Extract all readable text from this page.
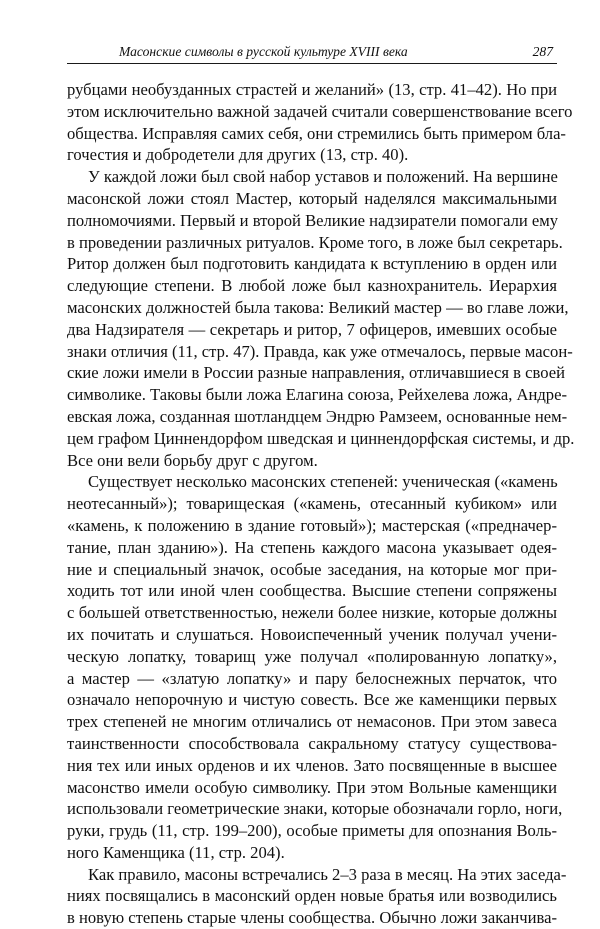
Масонские символы в русской культуре XVIII века	287
рубцами необузданных страстей и желаний» (13, стр. 41–42). Но при
этом исключительно важной задачей считали совершенствование всего
общества. Исправляя самих себя, они стремились быть примером бла-
гочестия и добродетели для других (13, стр. 40).
У каждой ложи был свой набор уставов и положений. На вершине
масонской ложи стоял Мастер, который наделялся максимальными
полномочиями. Первый и второй Великие надзиратели помогали ему
в проведении различных ритуалов. Кроме того, в ложе был секретарь.
Ритор должен был подготовить кандидата к вступлению в орден или
следующие степени. В любой ложе был казнохранитель. Иерархия
масонских должностей была такова: Великий мастер — во главе ложи,
два Надзирателя — секретарь и ритор, 7 офицеров, имевших особые
знаки отличия (11, стр. 47). Правда, как уже отмечалось, первые масон-
ские ложи имели в России разные направления, отличавшиеся в своей
символике. Таковы были ложа Елагина союза, Рейхелева ложа, Андре-
евская ложа, созданная шотландцем Эндрю Рамзеем, основанные нем-
цем графом Циннендорфом шведская и циннендорфская системы, и др.
Все они вели борьбу друг с другом.
Существует несколько масонских степеней: ученическая («камень
неотесанный»); товарищеская («камень, отесанный кубиком» или
«камень, к положению в здание готовый»); мастерская («предначер-
тание, план зданию»). На степень каждого масона указывает одея-
ние и специальный значок, особые заседания, на которые мог при-
ходить тот или иной член сообщества. Высшие степени сопряжены
с большей ответственностью, нежели более низкие, которые должны
их почитать и слушаться. Новоиспеченный ученик получал учени-
ческую лопатку, товарищ уже получал «полированную лопатку»,
а мастер — «златую лопатку» и пару белоснежных перчаток, что
означало непорочную и чистую совесть. Все же каменщики первых
трех степеней не многим отличались от немасонов. При этом завеса
таинственности способствовала сакральному статусу существова-
ния тех или иных орденов и их членов. Зато посвященные в высшее
масонство имели особую символику. При этом Вольные каменщики
использовали геометрические знаки, которые обозначали горло, ноги,
руки, грудь (11, стр. 199–200), особые приметы для опознания Воль-
ного Каменщика (11, стр. 204).
Как правило, масоны встречались 2–3 раза в месяц. На этих заседа-
ниях посвящались в масонский орден новые братья или возводились
в новую степень старые члены сообщества. Обычно ложи заканчива-
